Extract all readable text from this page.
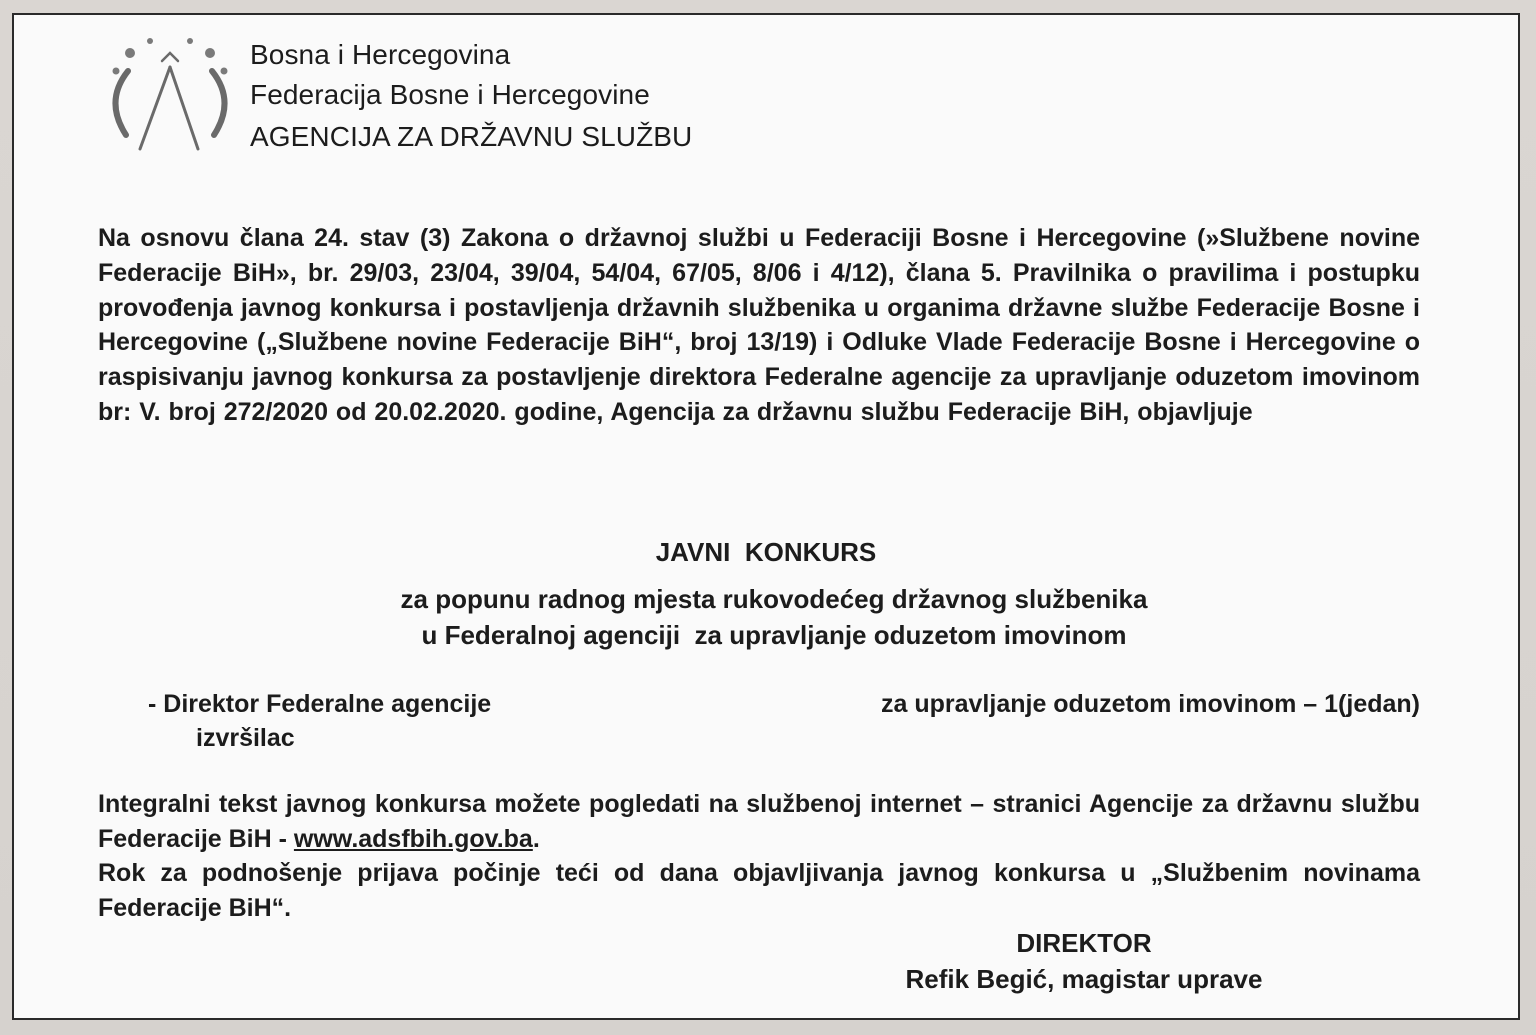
Bosna i Hercegovina
Federacija Bosne i Hercegovine
AGENCIJA ZA DRŽAVNU SLUŽBU
Na osnovu člana 24. stav (3) Zakona o državnoj službi u Federaciji Bosne i Hercegovine (»Službene novine Federacije BiH», br. 29/03, 23/04, 39/04, 54/04, 67/05, 8/06 i 4/12), člana 5. Pravilnika o pravilima i postupku provođenja javnog konkursa i postavljenja državnih službenika u organima državne službe Federacije Bosne i Hercegovine („Službene novine Federacije BiH“, broj 13/19) i Odluke Vlade Federacije Bosne i Hercegovine o raspisivanju javnog konkursa za postavljenje direktora Federalne agencije za upravljanje oduzetom imovinom br: V. broj 272/2020 od 20.02.2020. godine, Agencija za državnu službu Federacije BiH, objavljuje
JAVNI  KONKURS
za popunu radnog mjesta rukovodećeg državnog službenika
u Federalnoj agenciji  za upravljanje oduzetom imovinom
- Direktor Federalne agencije	za upravljanje oduzetom imovinom – 1(jedan)
izvršilac
Integralni tekst javnog konkursa možete pogledati na službenoj internet – stranici Agencije za državnu službu Federacije BiH - www.adsfbih.gov.ba.
Rok za podnošenje prijava počinje teći od dana objavljivanja javnog konkursa u „Službenim novinama Federacije BiH“.
DIREKTOR
Refik Begić, magistar uprave
